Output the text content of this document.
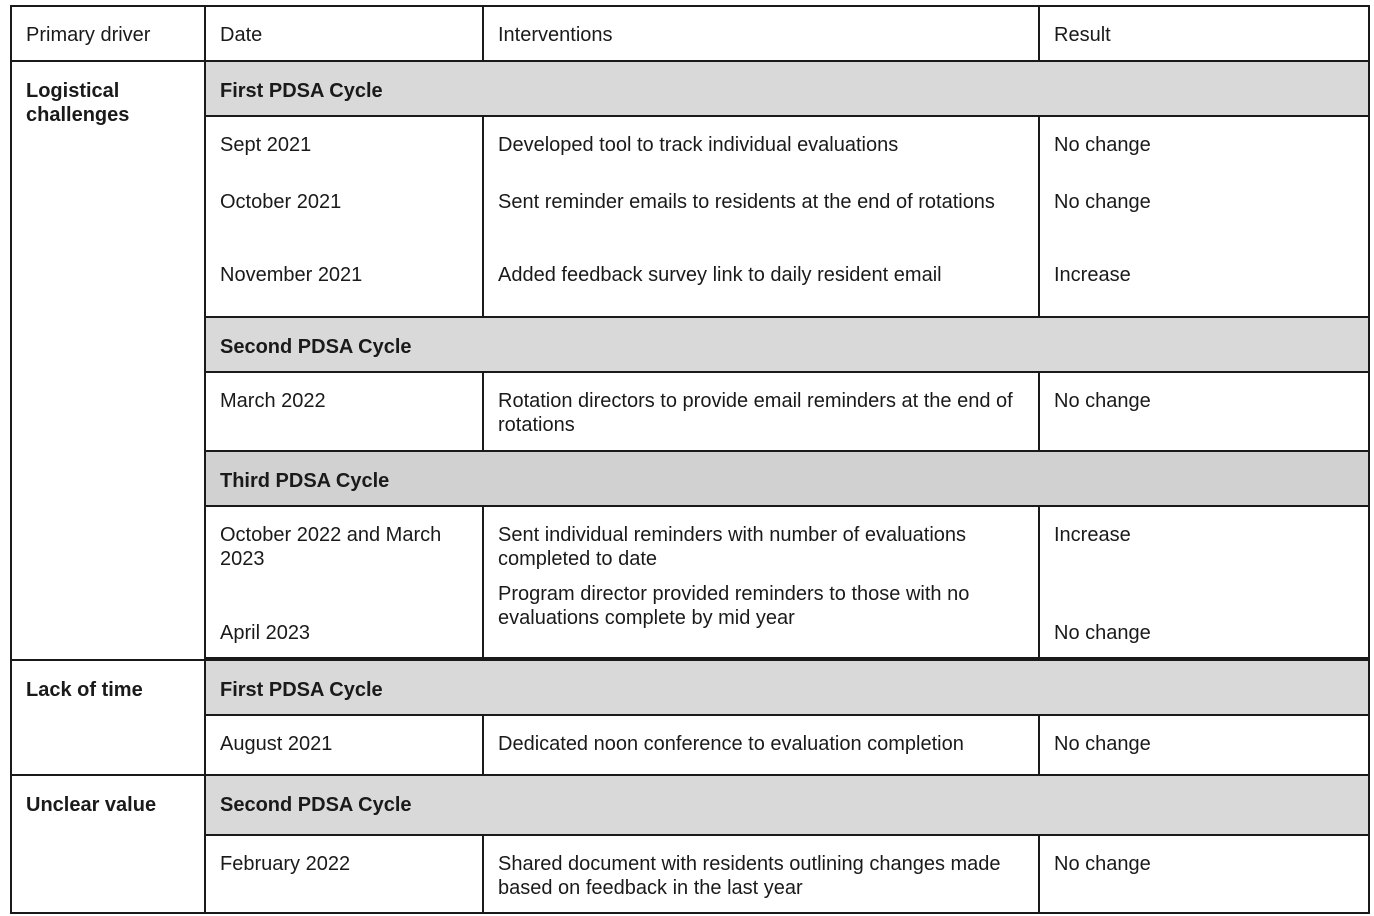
Primary driver	Date	Interventions	Result
Logistical challenges	First PDSA Cycle		
	Sept 2021	Developed tool to track individual evaluations	No change
	October 2021	Sent reminder emails to residents at the end of rotations	No change
	November 2021	Added feedback survey link to daily resident email	Increase
	Second PDSA Cycle		
	March 2022	Rotation directors to provide email reminders at the end of rotations	No change
	Third PDSA Cycle		
	October 2022 and March 2023	Sent individual reminders with number of evaluations completed to date	Increase
	April 2023	Program director provided reminders to those with no evaluations complete by mid year	No change

Lack of time	First PDSA Cycle		
	August 2021	Dedicated noon conference to evaluation completion	No change
Unclear value	Second PDSA Cycle		
	February 2022	Shared document with residents outlining changes made based on feedback in the last year	No change
